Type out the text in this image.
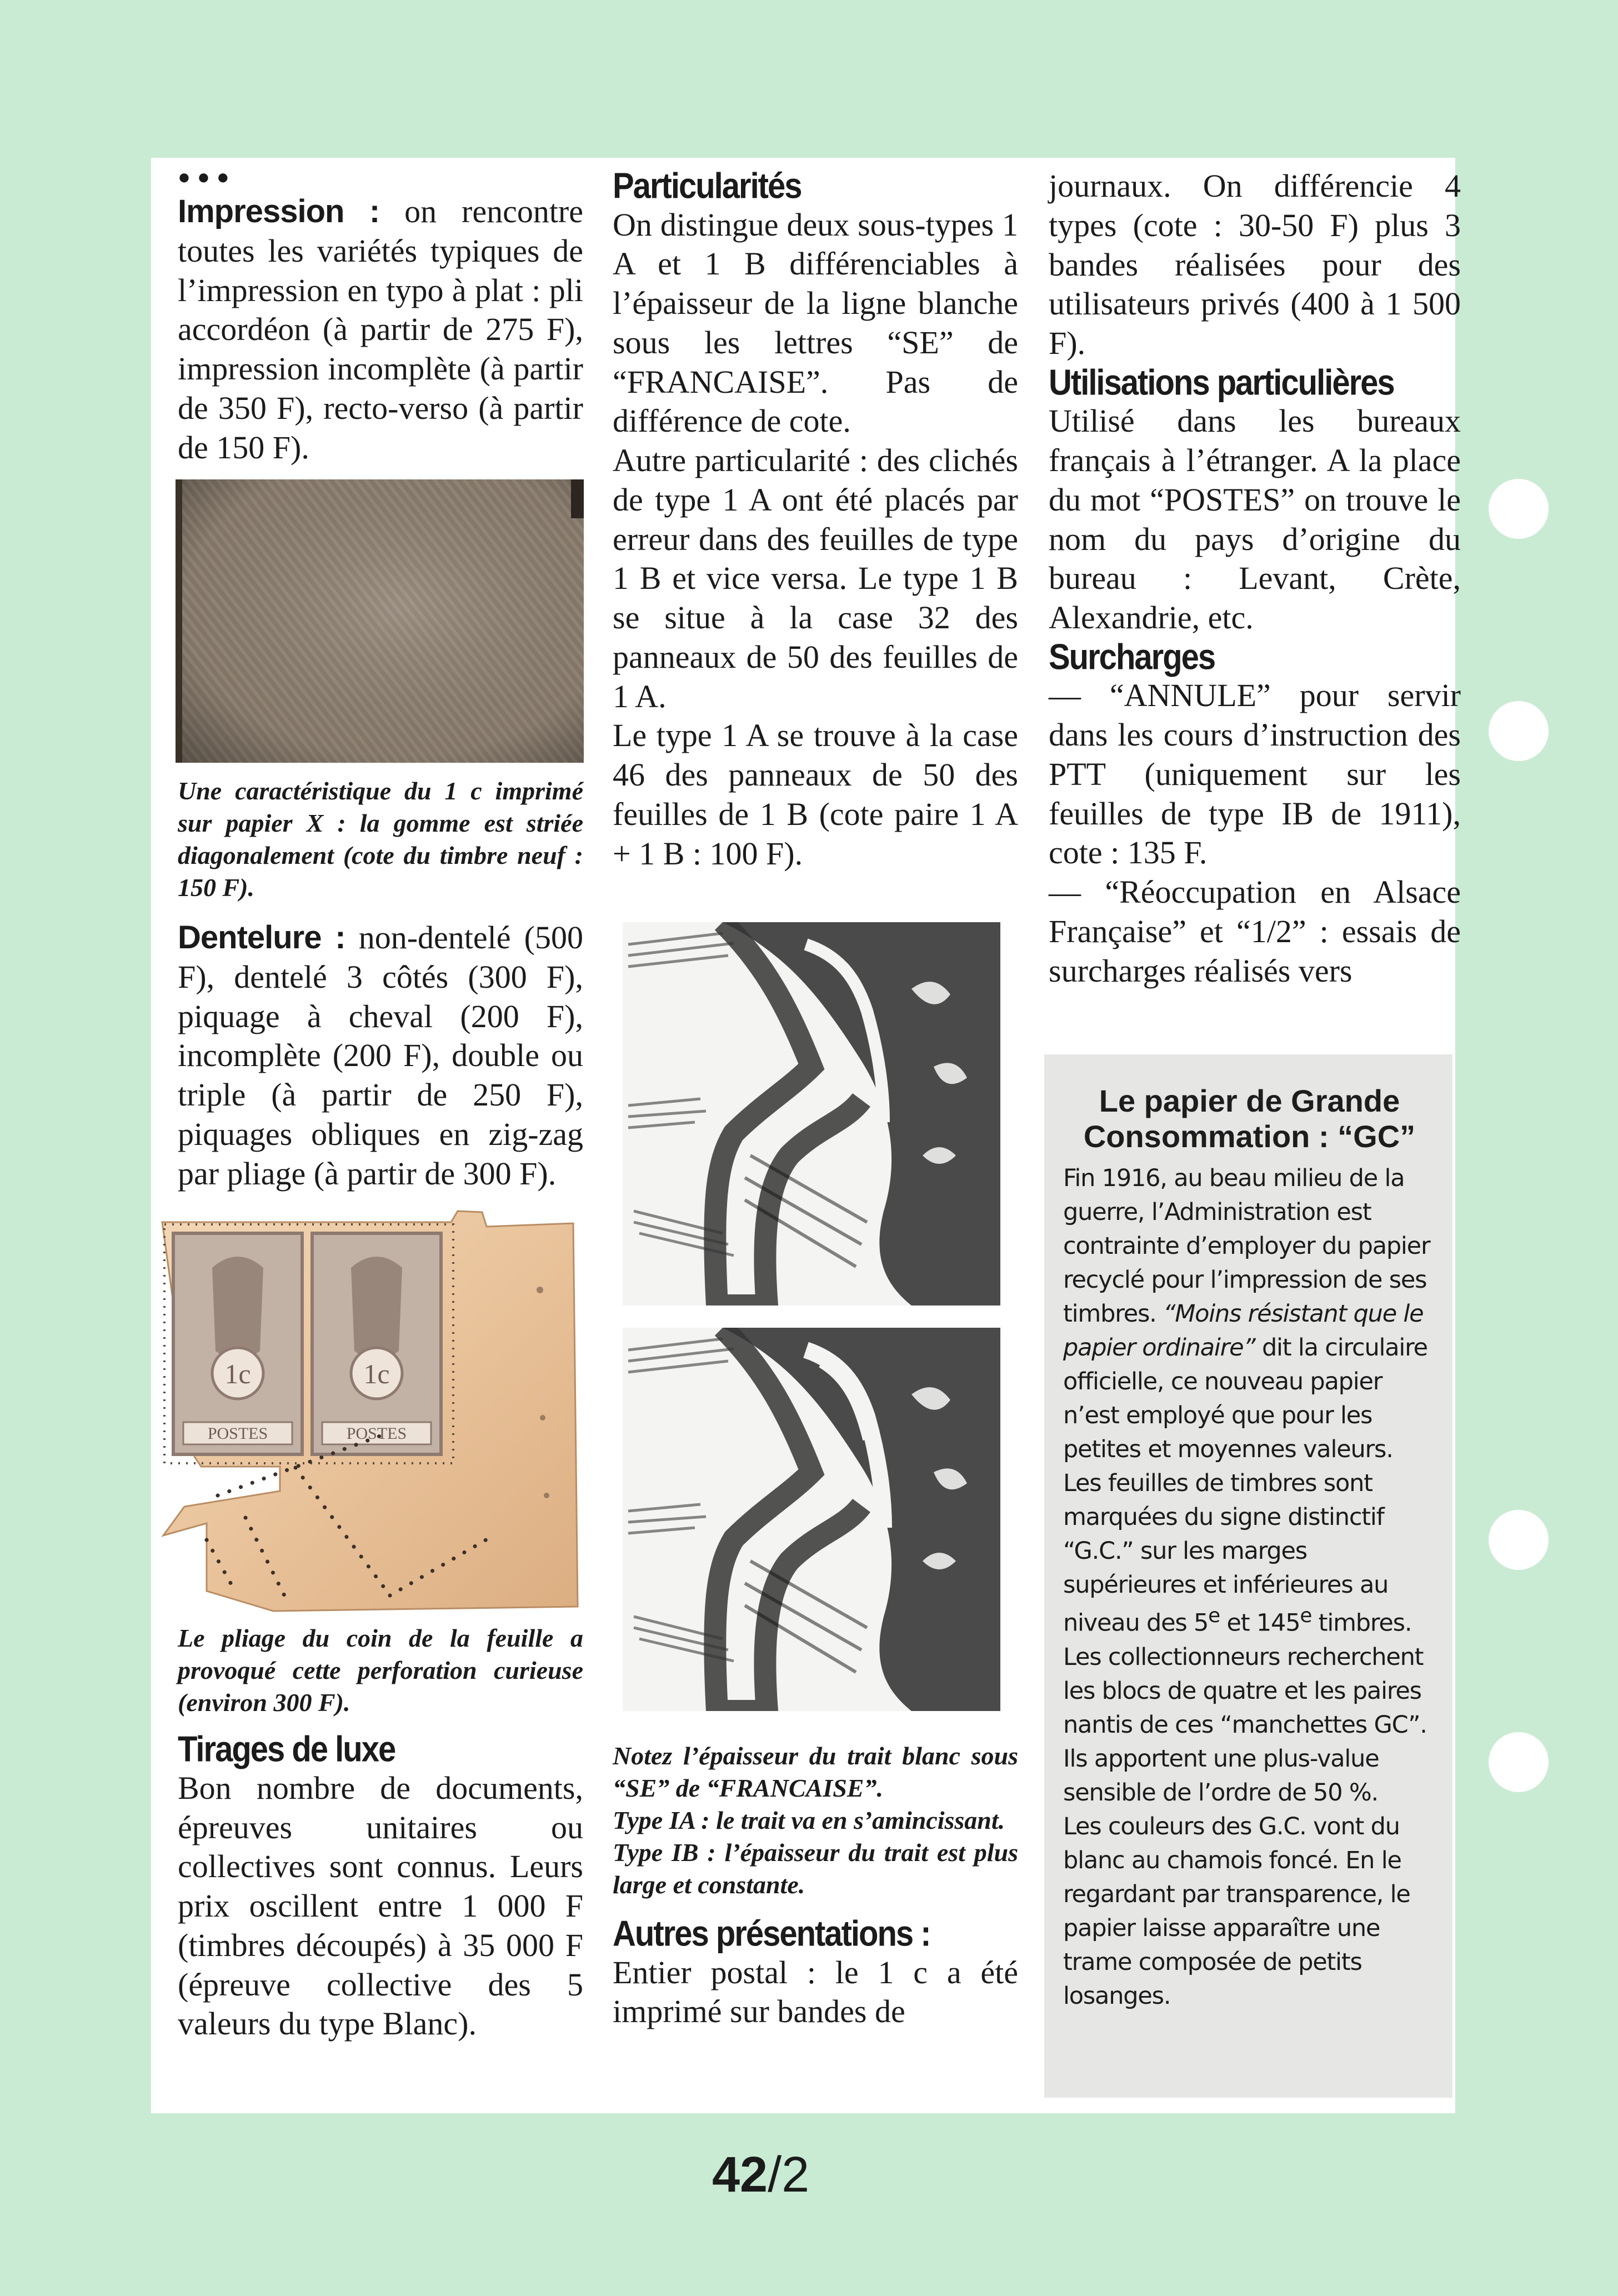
●●●

Impression : on rencontre toutes les variétés typiques de l’impression en typo à plat : pli accordéon (à partir de 275 F), impression incomplète (à partir de 350 F), recto-verso (à partir de 150 F).

Une caractéristique du 1 c imprimé sur papier X : la gomme est striée diagonalement (cote du timbre neuf : 150 F).

Dentelure : non-dentelé (500 F), dentelé 3 côtés (300 F), piquage à cheval (200 F), incomplète (200 F), double ou triple (à partir de 250 F), piquages obliques en zig-zag par pliage (à partir de 300 F).

1c
POSTES
1c
POSTES

Le pliage du coin de la feuille a provoqué cette perforation curieuse (environ 300 F).

Tirages de luxe

Bon nombre de documents, épreuves unitaires ou collectives sont connus. Leurs prix oscillent entre 1 000 F (timbres découpés) à 35 000 F (épreuve collective des 5 valeurs du type Blanc).

Particularités

On distingue deux sous-types 1 A et 1 B différenciables à l’épaisseur de la ligne blanche sous les lettres “SE” de “FRANCAISE”. Pas de différence de cote.

Autre particularité : des clichés de type 1 A ont été placés par erreur dans des feuilles de type 1 B et vice versa. Le type 1 B se situe à la case 32 des panneaux de 50 des feuilles de 1 A.

Le type 1 A se trouve à la case 46 des panneaux de 50 des feuilles de 1 B (cote paire 1 A + 1 B : 100 F).

Notez l’épaisseur du trait blanc sous “SE” de “FRANCAISE”.

Type IA : le trait va en s’amincissant.

Type IB : l’épaisseur du trait est plus large et constante.

Autres présentations :

Entier postal : le 1 c a été imprimé sur bandes de

journaux. On différencie 4 types (cote : 30-50 F) plus 3 bandes réalisées pour des utilisateurs privés (400 à 1 500 F).

Utilisations particulières

Utilisé dans les bureaux français à l’étranger. A la place du mot “POSTES” on trouve le nom du pays d’origine du bureau : Levant, Crète, Alexandrie, etc.

Surcharges

— “ANNULE” pour servir dans les cours d’instruction des PTT (uniquement sur les feuilles de type IB de 1911), cote : 135 F.

— “Réoccupation en Alsace Française” et “1/2” : essais de surcharges réalisés vers

Le papier de Grande
Consommation : “GC”

Fin 1916, au beau milieu de la guerre, l’Administration est contrainte d’employer du papier recyclé pour l’impression de ses timbres. “Moins résistant que le papier ordinaire” dit la circulaire officielle, ce nouveau papier n’est employé que pour les petites et moyennes valeurs. Les feuilles de timbres sont marquées du signe distinctif “G.C.” sur les marges supérieures et inférieures au niveau des 5e et 145e timbres.

Les collectionneurs recherchent les blocs de quatre et les paires nantis de ces “manchettes GC”. Ils apportent une plus-value sensible de l’ordre de 50 %.

Les couleurs des G.C. vont du blanc au chamois foncé. En le regardant par transparence, le papier laisse apparaître une trame composée de petits losanges.

42/2
